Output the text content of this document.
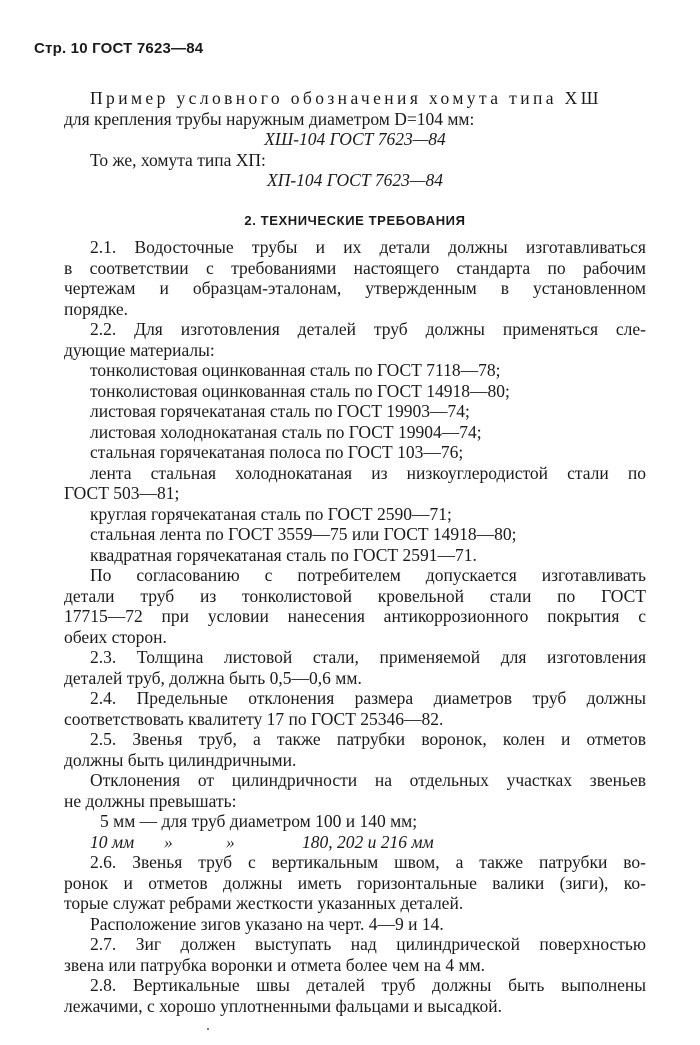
Стр. 10 ГОСТ 7623—84
Пример условного обозначения хомута типа ХШ
для крепления трубы наружным диаметром D=104 мм:
ХШ-104 ГОСТ 7623—84
То же, хомута типа ХП:
ХП-104 ГОСТ 7623—84
2. ТЕХНИЧЕСКИЕ ТРЕБОВАНИЯ
2.1. Водосточные трубы и их детали должны изготавливаться
в соответствии с требованиями настоящего стандарта по рабочим
чертежам и образцам-эталонам, утвержденным в установленном
порядке.
2.2. Для изготовления деталей труб должны применяться сле-
дующие материалы:
тонколистовая оцинкованная сталь по ГОСТ 7118—78;
тонколистовая оцинкованная сталь по ГОСТ 14918—80;
листовая горячекатаная сталь по ГОСТ 19903—74;
листовая холоднокатаная сталь по ГОСТ 19904—74;
стальная горячекатаная полоса по ГОСТ 103—76;
лента стальная холоднокатаная из низкоуглеродистой стали по
ГОСТ 503—81;
круглая горячекатаная сталь по ГОСТ 2590—71;
стальная лента по ГОСТ 3559—75 или ГОСТ 14918—80;
квадратная горячекатаная сталь по ГОСТ 2591—71.
По согласованию с потребителем допускается изготавливать
детали труб из тонколистовой кровельной стали по ГОСТ
17715—72 при условии нанесения антикоррозионного покрытия с
обеих сторон.
2.3. Толщина листовой стали, применяемой для изготовления
деталей труб, должна быть 0,5—0,6 мм.
2.4. Предельные отклонения размера диаметров труб должны
соответствовать квалитету 17 по ГОСТ 25346—82.
2.5. Звенья труб, а также патрубки воронок, колен и отметов
должны быть цилиндричными.
Отклонения от цилиндричности на отдельных участках звеньев
не должны превышать:
5 мм — для труб диаметром 100 и 140 мм;
10 мм »	»	180, 202 и 216 мм
2.6. Звенья труб с вертикальным швом, а также патрубки во-
ронок и отметов должны иметь горизонтальные валики (зиги), ко-
торые служат ребрами жесткости указанных деталей.
Расположение зигов указано на черт. 4—9 и 14.
2.7. Зиг должен выступать над цилиндрической поверхностью
звена или патрубка воронки и отмета более чем на 4 мм.
2.8. Вертикальные швы деталей труб должны быть выполнены
лежачими, с хорошо уплотненными фальцами и высадкой.
